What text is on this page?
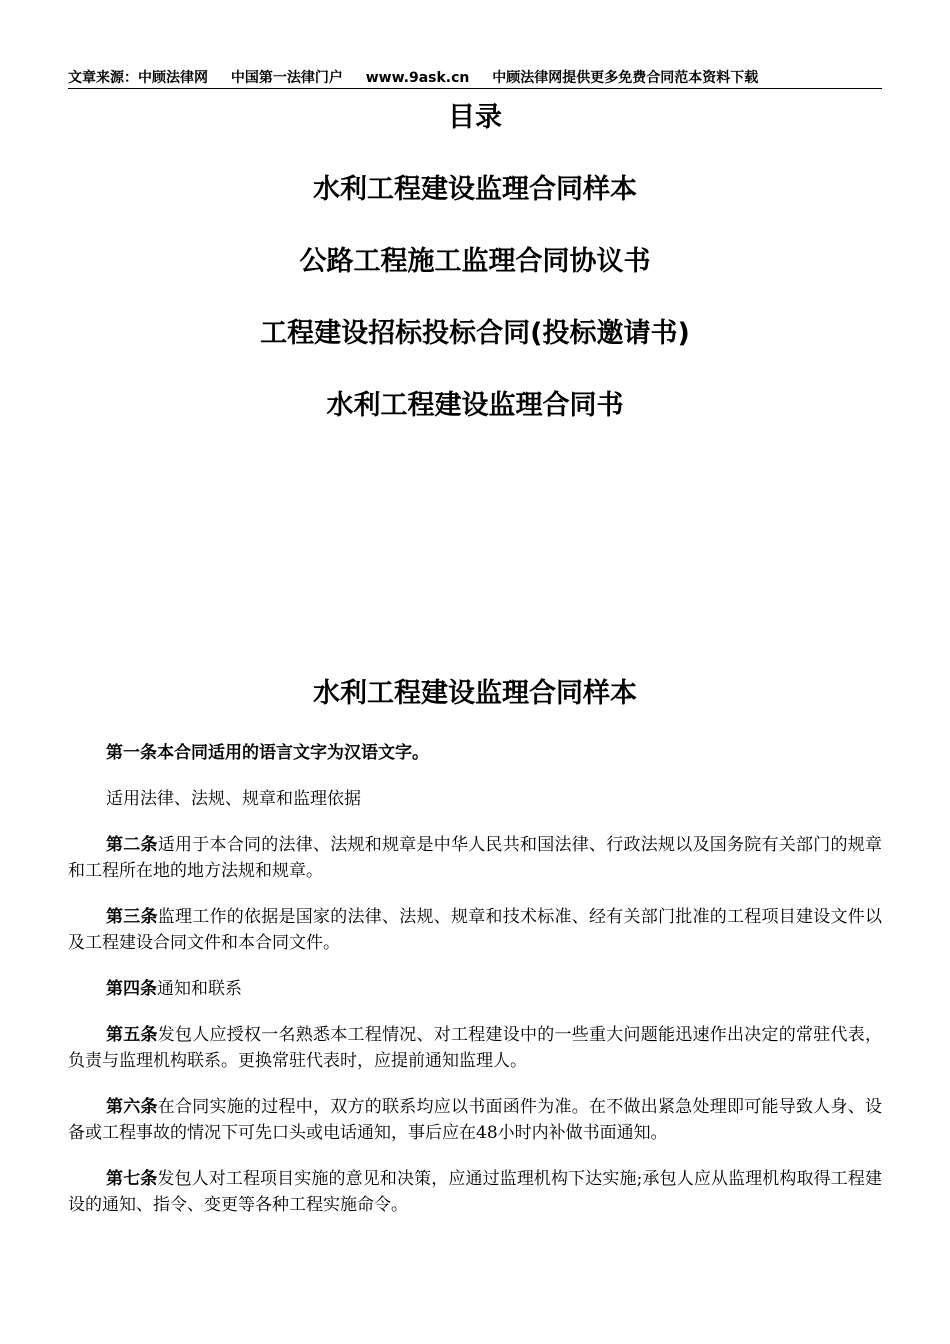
文章来源：中顾法律网 中国第一法律门户 www.9ask.cn 中顾法律网提供更多免费合同范本资料下载
目录
水利工程建设监理合同样本
公路工程施工监理合同协议书
工程建设招标投标合同(投标邀请书)
水利工程建设监理合同书
水利工程建设监理合同样本

第一条本合同适用的语言文字为汉语文字。

适用法律、法规、规章和监理依据

第二条适用于本合同的法律、法规和规章是中华人民共和国法律、行政法规以及国务院有关部门的规章和工程所在地的地方法规和规章。

第三条监理工作的依据是国家的法律、法规、规章和技术标准、经有关部门批准的工程项目建设文件以及工程建设合同文件和本合同文件。

第四条通知和联系

第五条发包人应授权一名熟悉本工程情况、对工程建设中的一些重大问题能迅速作出决定的常驻代表，负责与监理机构联系。更换常驻代表时，应提前通知监理人。

第六条在合同实施的过程中，双方的联系均应以书面函件为准。在不做出紧急处理即可能导致人身、设备或工程事故的情况下可先口头或电话通知，事后应在48小时内补做书面通知。

第七条发包人对工程项目实施的意见和决策，应通过监理机构下达实施;承包人应从监理机构取得工程建设的通知、指令、变更等各种工程实施命令。
